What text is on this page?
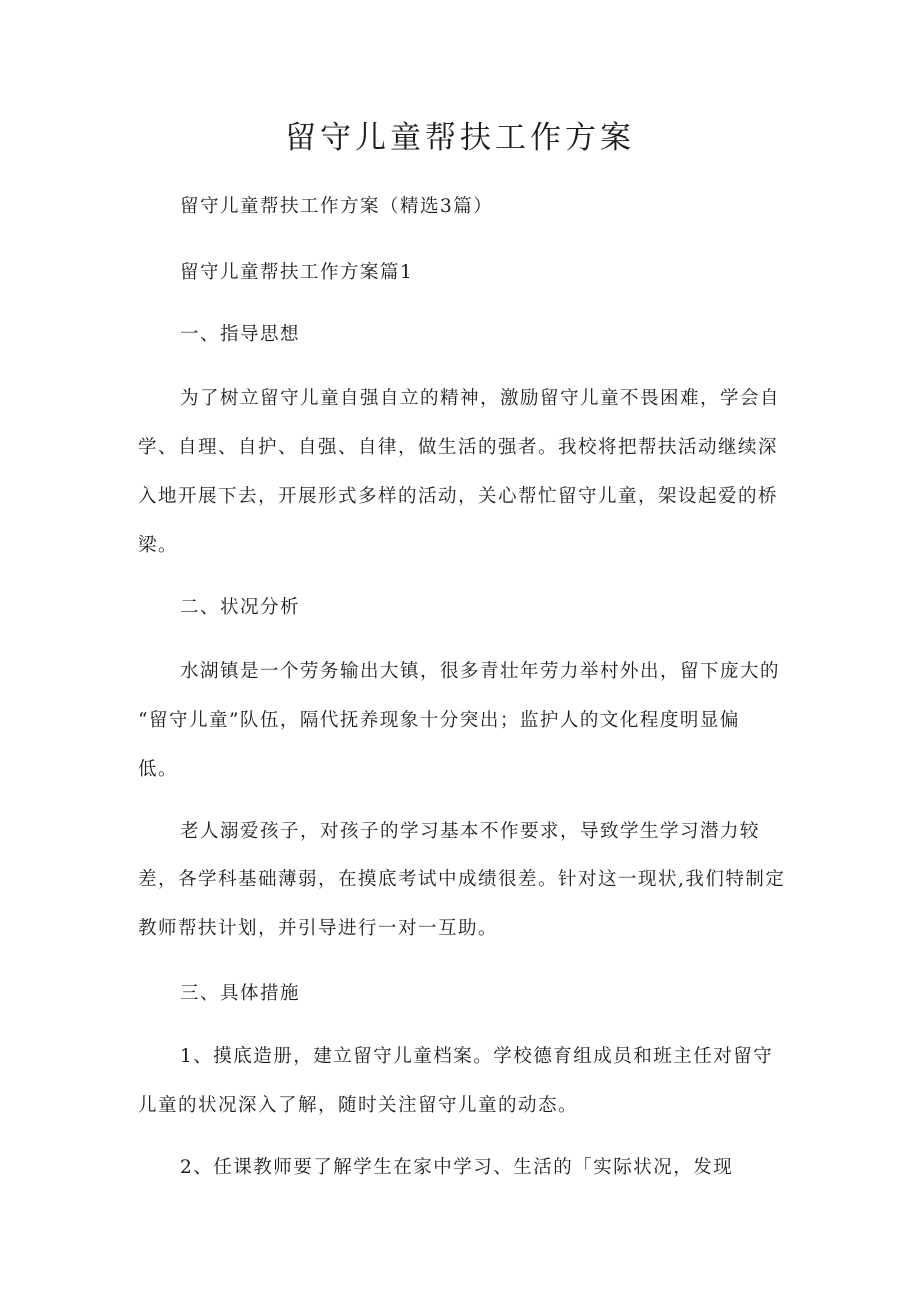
留守儿童帮扶工作方案

留守儿童帮扶工作方案（精选3篇）

留守儿童帮扶工作方案篇1

一、指导思想

为了树立留守儿童自强自立的精神，激励留守儿童不畏困难，学会自

学、自理、自护、自强、自律，做生活的强者。我校将把帮扶活动继续深

入地开展下去，开展形式多样的活动，关心帮忙留守儿童，架设起爱的桥

梁。

二、状况分析

水湖镇是一个劳务输出大镇，很多青壮年劳力举村外出，留下庞大的

“留守儿童”队伍，隔代抚养现象十分突出；监护人的文化程度明显偏

低。

老人溺爱孩子，对孩子的学习基本不作要求，导致学生学习潜力较

差，各学科基础薄弱，在摸底考试中成绩很差。针对这一现状,我们特制定

教师帮扶计划，并引导进行一对一互助。

三、具体措施

1、摸底造册，建立留守儿童档案。学校德育组成员和班主任对留守

儿童的状况深入了解，随时关注留守儿童的动态。

2、任课教师要了解学生在家中学习、生活的「实际状况，发现
